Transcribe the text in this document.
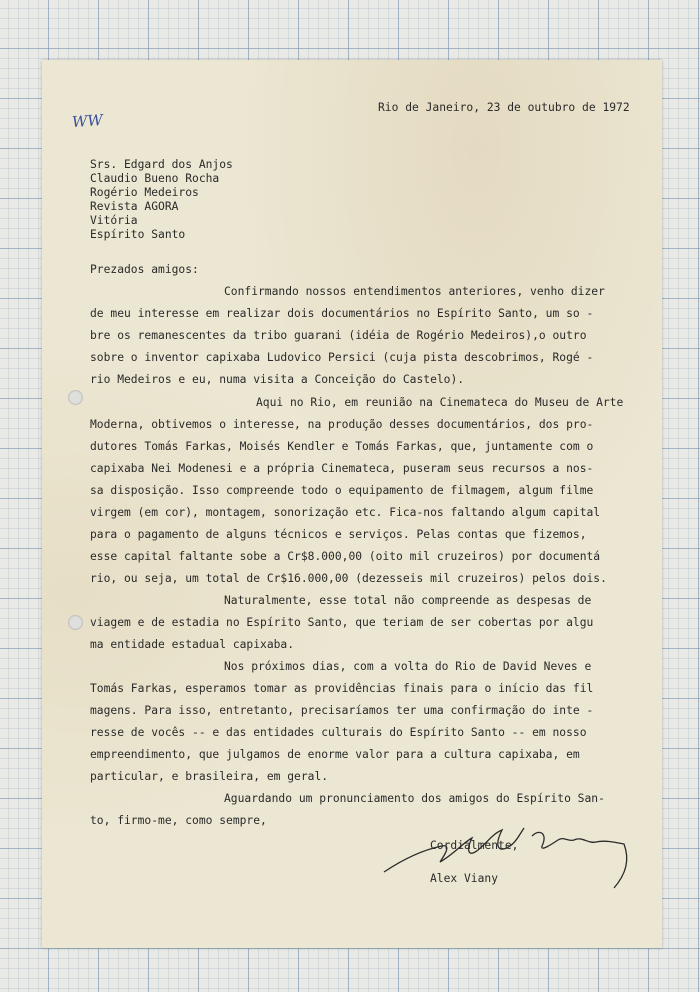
WW
Rio de Janeiro, 23 de outubro de 1972
Srs. Edgard dos Anjos
Claudio Bueno Rocha
Rogério Medeiros
Revista AGORA
Vitória
Espírito Santo
Prezados amigos:
Confirmando nossos entendimentos anteriores, venho dizer
de meu interesse em realizar dois documentários no Espírito Santo, um so -
bre os remanescentes da tribo guarani (idéia de Rogério Medeiros),o outro
sobre o inventor capixaba Ludovico Persici (cuja pista descobrimos, Rogé -
rio Medeiros e eu, numa visita a Conceição do Castelo).
Aqui no Rio, em reunião na Cinemateca do Museu de Arte
Moderna, obtivemos o interesse, na produção desses documentários, dos pro-
dutores Tomás Farkas, Moisés Kendler e Tomás Farkas, que, juntamente com o
capixaba Nei Modenesi e a própria Cinemateca, puseram seus recursos a nos-
sa disposição. Isso compreende todo o equipamento de filmagem, algum filme
virgem (em cor), montagem, sonorização etc. Fica-nos faltando algum capital
para o pagamento de alguns técnicos e serviços. Pelas contas que fizemos,
esse capital faltante sobe a Cr$8.000,00 (oito mil cruzeiros) por documentá
rio, ou seja, um total de Cr$16.000,00 (dezesseis mil cruzeiros) pelos dois.
Naturalmente, esse total não compreende as despesas de
viagem e de estadia no Espírito Santo, que teriam de ser cobertas por algu
ma entidade estadual capixaba.
Nos próximos dias, com a volta do Rio de David Neves e
Tomás Farkas, esperamos tomar as providências finais para o início das fil
magens. Para isso, entretanto, precisaríamos ter uma confirmação do inte -
resse de vocês -- e das entidades culturais do Espírito Santo -- em nosso
empreendimento, que julgamos de enorme valor para a cultura capixaba, em
particular, e brasileira, em geral.
Aguardando um pronunciamento dos amigos do Espírito San-
to, firmo-me, como sempre,
Cordialmente,
Alex Viany
